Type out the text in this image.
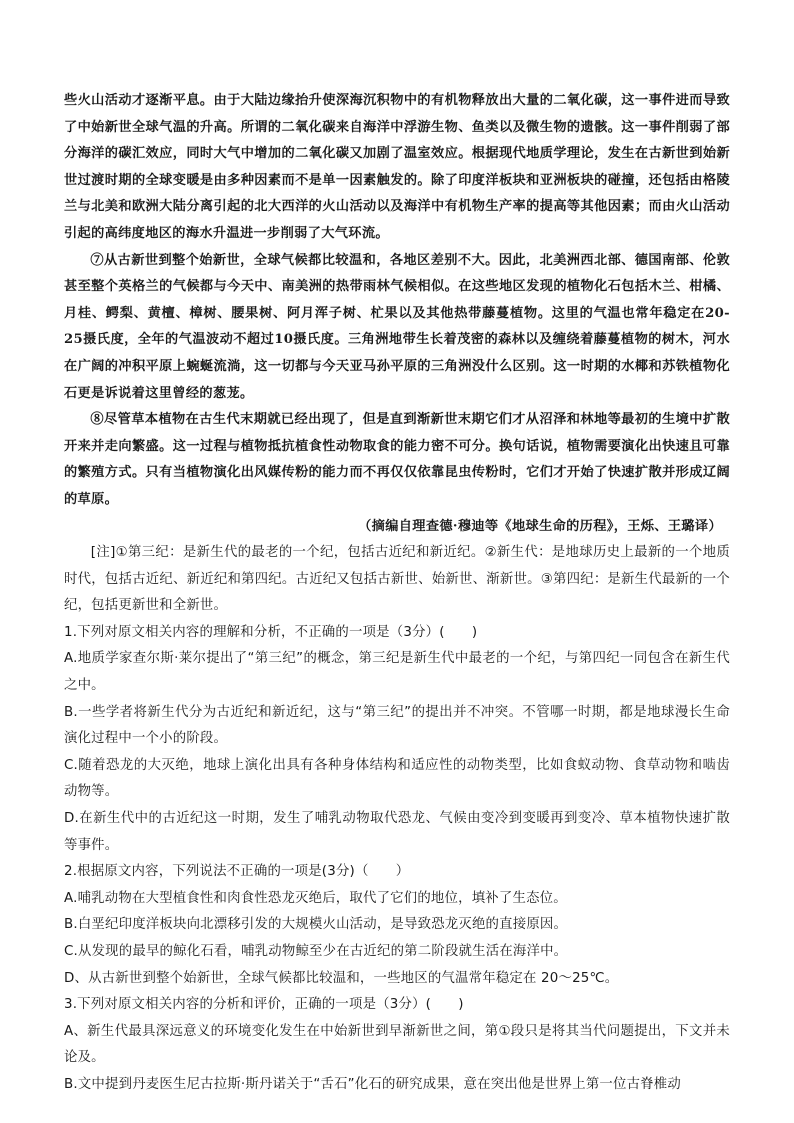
些火山活动才逐渐平息。由于大陆边缘抬升使深海沉积物中的有机物释放出大量的二氧化碳，这一事件进而导致了中始新世全球气温的升高。所谓的二氧化碳来自海洋中浮游生物、鱼类以及微生物的遗骸。这一事件削弱了部分海洋的碳汇效应，同时大气中增加的二氧化碳又加剧了温室效应。根据现代地质学理论，发生在古新世到始新世过渡时期的全球变暖是由多种因素而不是单一因素触发的。除了印度洋板块和亚洲板块的碰撞，还包括由格陵兰与北美和欧洲大陆分离引起的北大西洋的火山活动以及海洋中有机物生产率的提高等其他因素；而由火山活动引起的高纬度地区的海水升温进一步削弱了大气环流。

⑦从古新世到整个始新世，全球气候都比较温和，各地区差别不大。因此，北美洲西北部、德国南部、伦敦甚至整个英格兰的气候都与今天中、南美洲的热带雨林气候相似。在这些地区发现的植物化石包括木兰、柑橘、月桂、鳄梨、黄檀、樟树、腰果树、阿月浑子树、杧果以及其他热带藤蔓植物。这里的气温也常年稳定在20-25摄氏度，全年的气温波动不超过10摄氏度。三角洲地带生长着茂密的森林以及缠绕着藤蔓植物的树木，河水在广阔的冲积平原上蜿蜒流淌，这一切都与今天亚马孙平原的三角洲没什么区别。这一时期的水椰和苏铁植物化石更是诉说着这里曾经的葱茏。

⑧尽管草本植物在古生代末期就已经出现了，但是直到渐新世末期它们才从沼泽和林地等最初的生境中扩散开来并走向繁盛。这一过程与植物抵抗植食性动物取食的能力密不可分。换句话说，植物需要演化出快速且可靠的繁殖方式。只有当植物演化出风媒传粉的能力而不再仅仅依靠昆虫传粉时，它们才开始了快速扩散并形成辽阔的草原。

（摘编自理查德·穆迪等《地球生命的历程》，王烁、王璐译）

[注]①第三纪：是新生代的最老的一个纪，包括古近纪和新近纪。②新生代：是地球历史上最新的一个地质时代，包括古近纪、新近纪和第四纪。古近纪又包括古新世、始新世、渐新世。③第四纪：是新生代最新的一个纪，包括更新世和全新世。

1.下列对原文相关内容的理解和分析，不正确的一项是（3分）(　　)

A.地质学家查尔斯·莱尔提出了“第三纪”的概念，第三纪是新生代中最老的一个纪，与第四纪一同包含在新生代之中。

B.一些学者将新生代分为古近纪和新近纪，这与“第三纪”的提出并不冲突。不管哪一时期，都是地球漫长生命演化过程中一个小的阶段。

C.随着恐龙的大灭绝，地球上演化出具有各种身体结构和适应性的动物类型，比如食蚁动物、食草动物和啮齿动物等。

D.在新生代中的古近纪这一时期，发生了哺乳动物取代恐龙、气候由变冷到变暖再到变冷、草本植物快速扩散等事件。

2.根据原文内容，下列说法不正确的一项是(3分)（　　）

A.哺乳动物在大型植食性和肉食性恐龙灭绝后，取代了它们的地位，填补了生态位。

B.白垩纪印度洋板块向北漂移引发的大规模火山活动，是导致恐龙灭绝的直接原因。

C.从发现的最早的鲸化石看，哺乳动物鲸至少在古近纪的第二阶段就生活在海洋中。

D、从古新世到整个始新世，全球气候都比较温和，一些地区的气温常年稳定在 20～25℃。

3.下列对原文相关内容的分析和评价，正确的一项是（3分）(　　)

A、新生代最具深远意义的环境变化发生在中始新世到早渐新世之间，第①段只是将其当代问题提出，下文并未论及。

B.文中提到丹麦医生尼古拉斯·斯丹诺关于“舌石”化石的研究成果，意在突出他是世界上第一位古脊椎动
